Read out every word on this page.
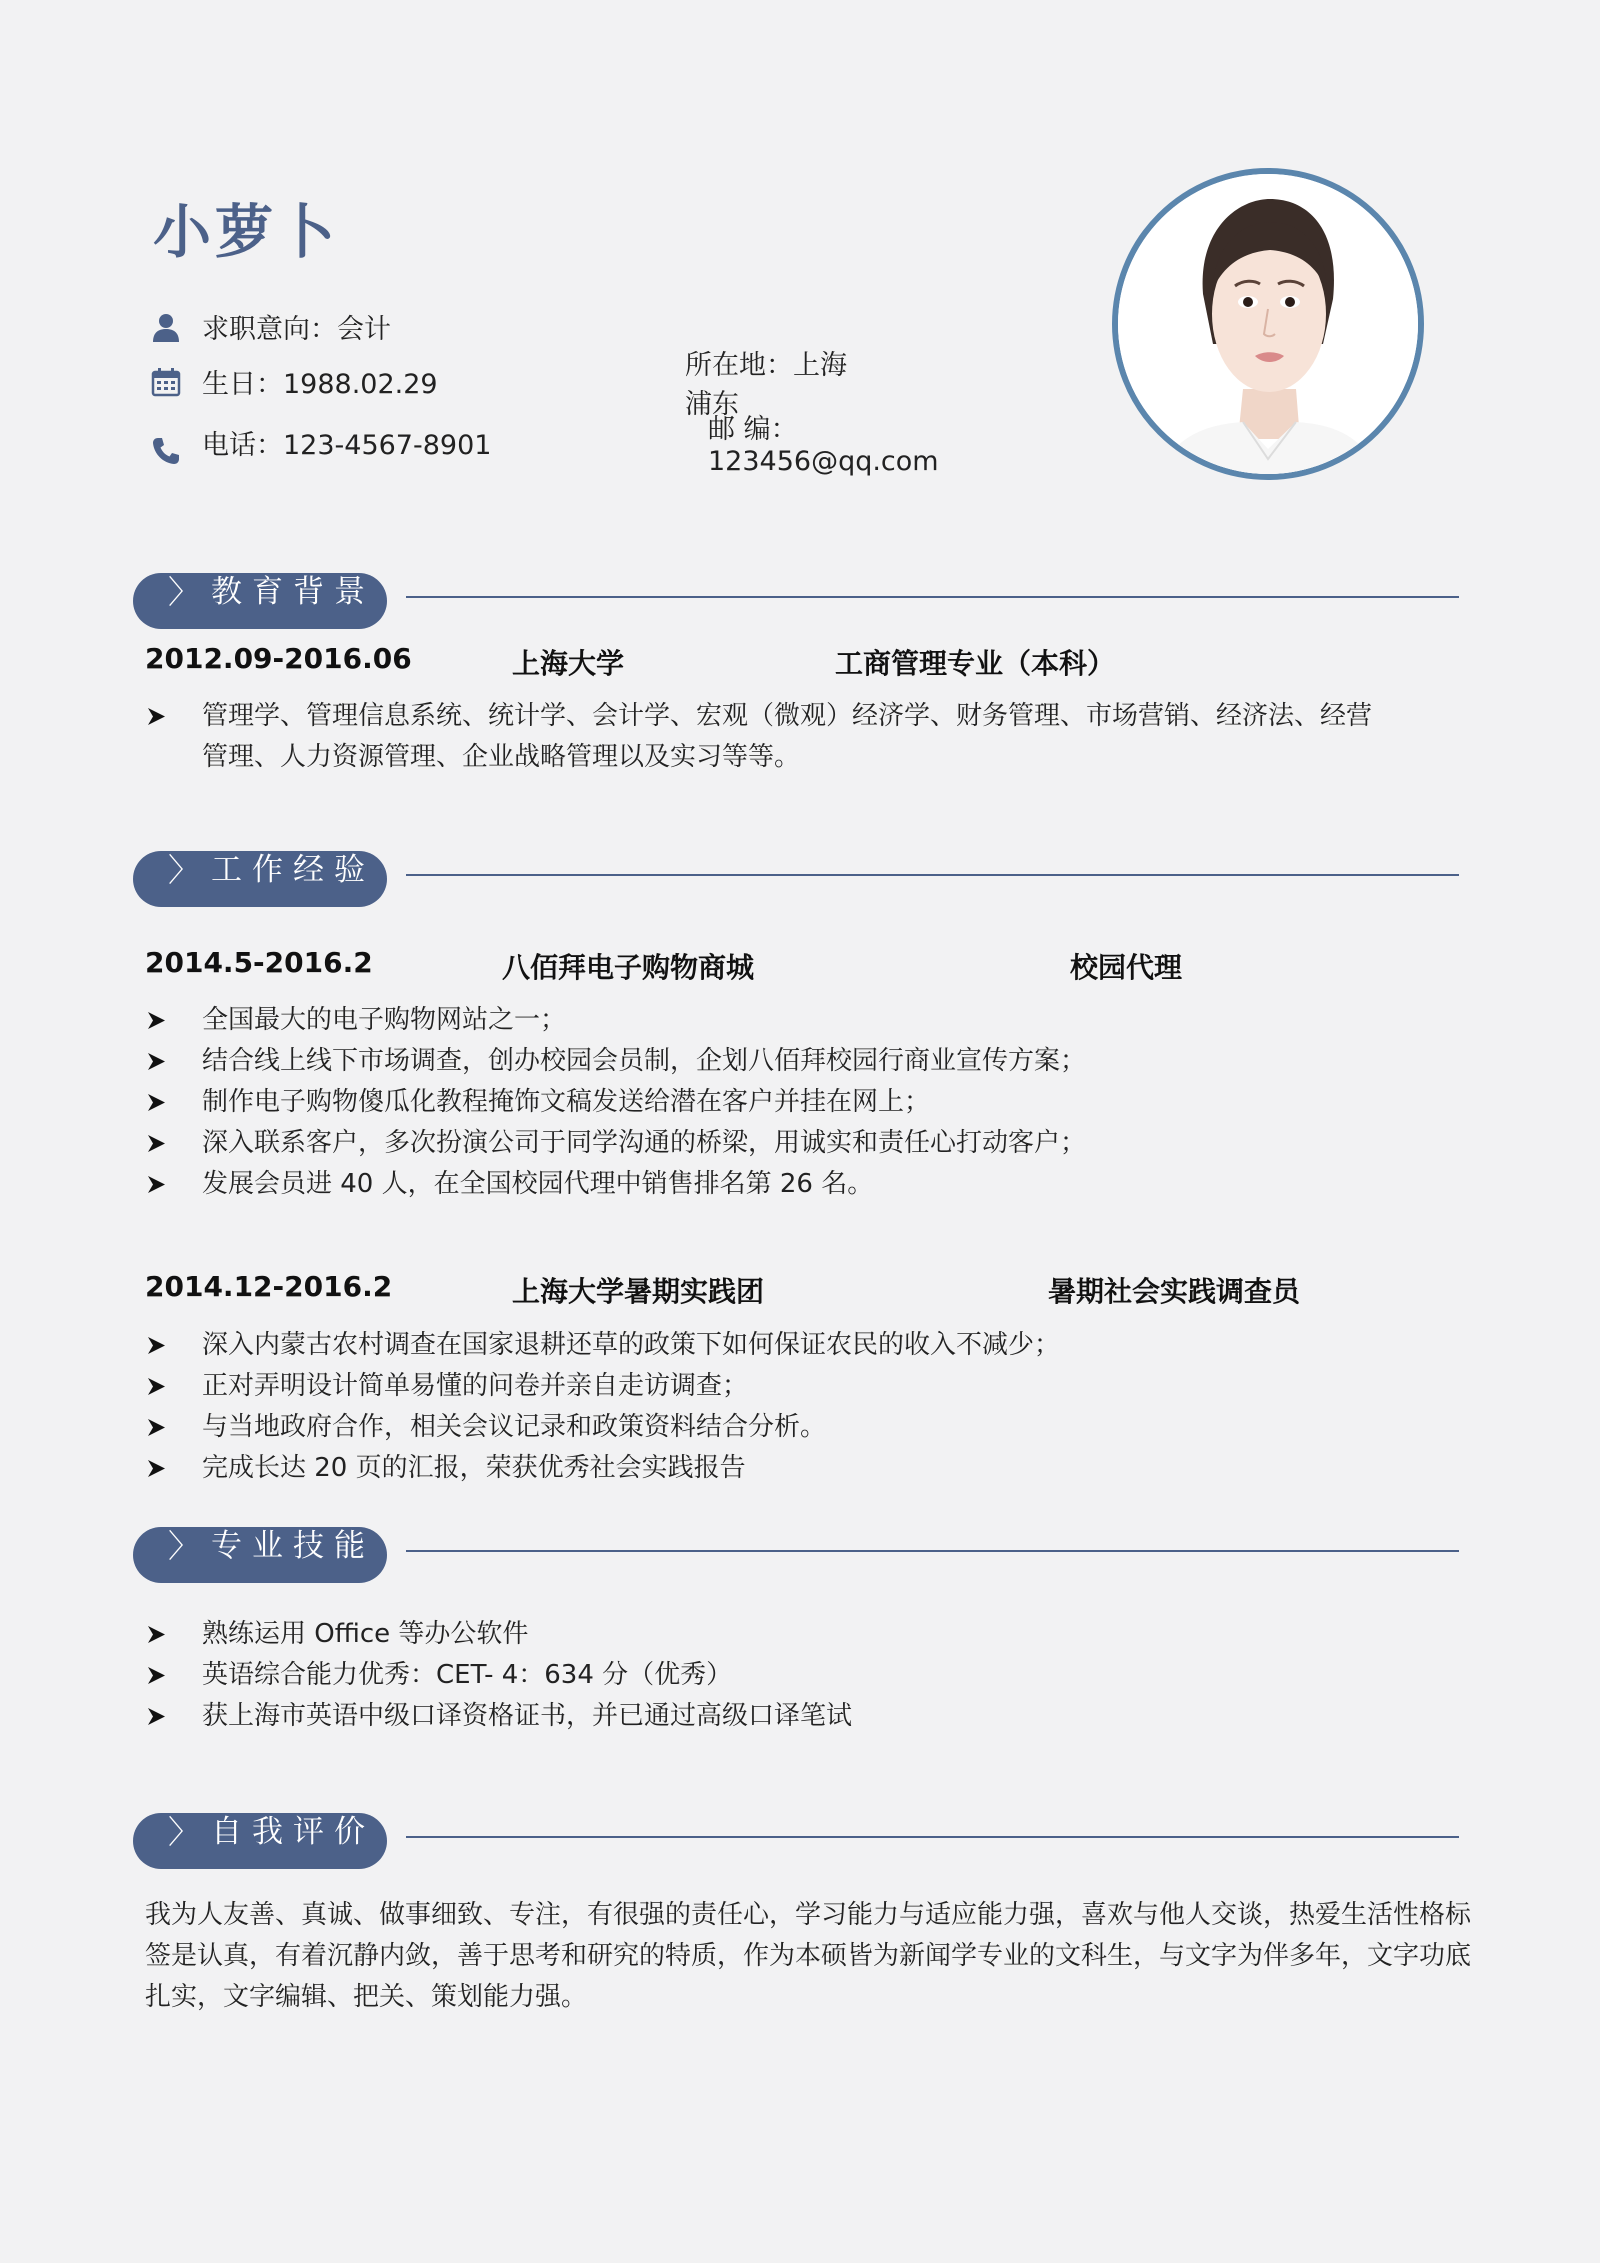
小萝卜
求职意向：会计
生日：1988.02.29
所在地：上海浦东
电话：123-4567-8901	邮 编：123456@qq.com
〉 教育背景
2012.09-2016.06	上海大学	工商管理专业（本科）
管理学、管理信息系统、统计学、会计学、宏观（微观）经济学、财务管理、市场营销、经济法、经营管理、人力资源管理、企业战略管理以及实习等等。
〉 工作经验
2014.5-2016.2	八佰拜电子购物商城	校园代理
全国最大的电子购物网站之一；
结合线上线下市场调查，创办校园会员制，企划八佰拜校园行商业宣传方案；
制作电子购物傻瓜化教程掩饰文稿发送给潜在客户并挂在网上；
深入联系客户，多次扮演公司于同学沟通的桥梁，用诚实和责任心打动客户；
发展会员进 40 人，在全国校园代理中销售排名第 26 名。
2014.12-2016.2	上海大学暑期实践团	暑期社会实践调查员
深入内蒙古农村调查在国家退耕还草的政策下如何保证农民的收入不减少；
正对弄明设计简单易懂的问卷并亲自走访调查；
与当地政府合作，相关会议记录和政策资料结合分析。
完成长达 20 页的汇报，荣获优秀社会实践报告
〉 专业技能
熟练运用 Office 等办公软件
英语综合能力优秀：CET- 4：634 分（优秀）
获上海市英语中级口译资格证书，并已通过高级口译笔试
〉 自我评价

我为人友善、真诚、做事细致、专注，有很强的责任心，学习能力与适应能力强，喜欢与他人交谈，热爱生活性格标签是认真，有着沉静内敛，善于思考和研究的特质，作为本硕皆为新闻学专业的文科生，与文字为伴多年，文字功底扎实，文字编辑、把关、策划能力强。
